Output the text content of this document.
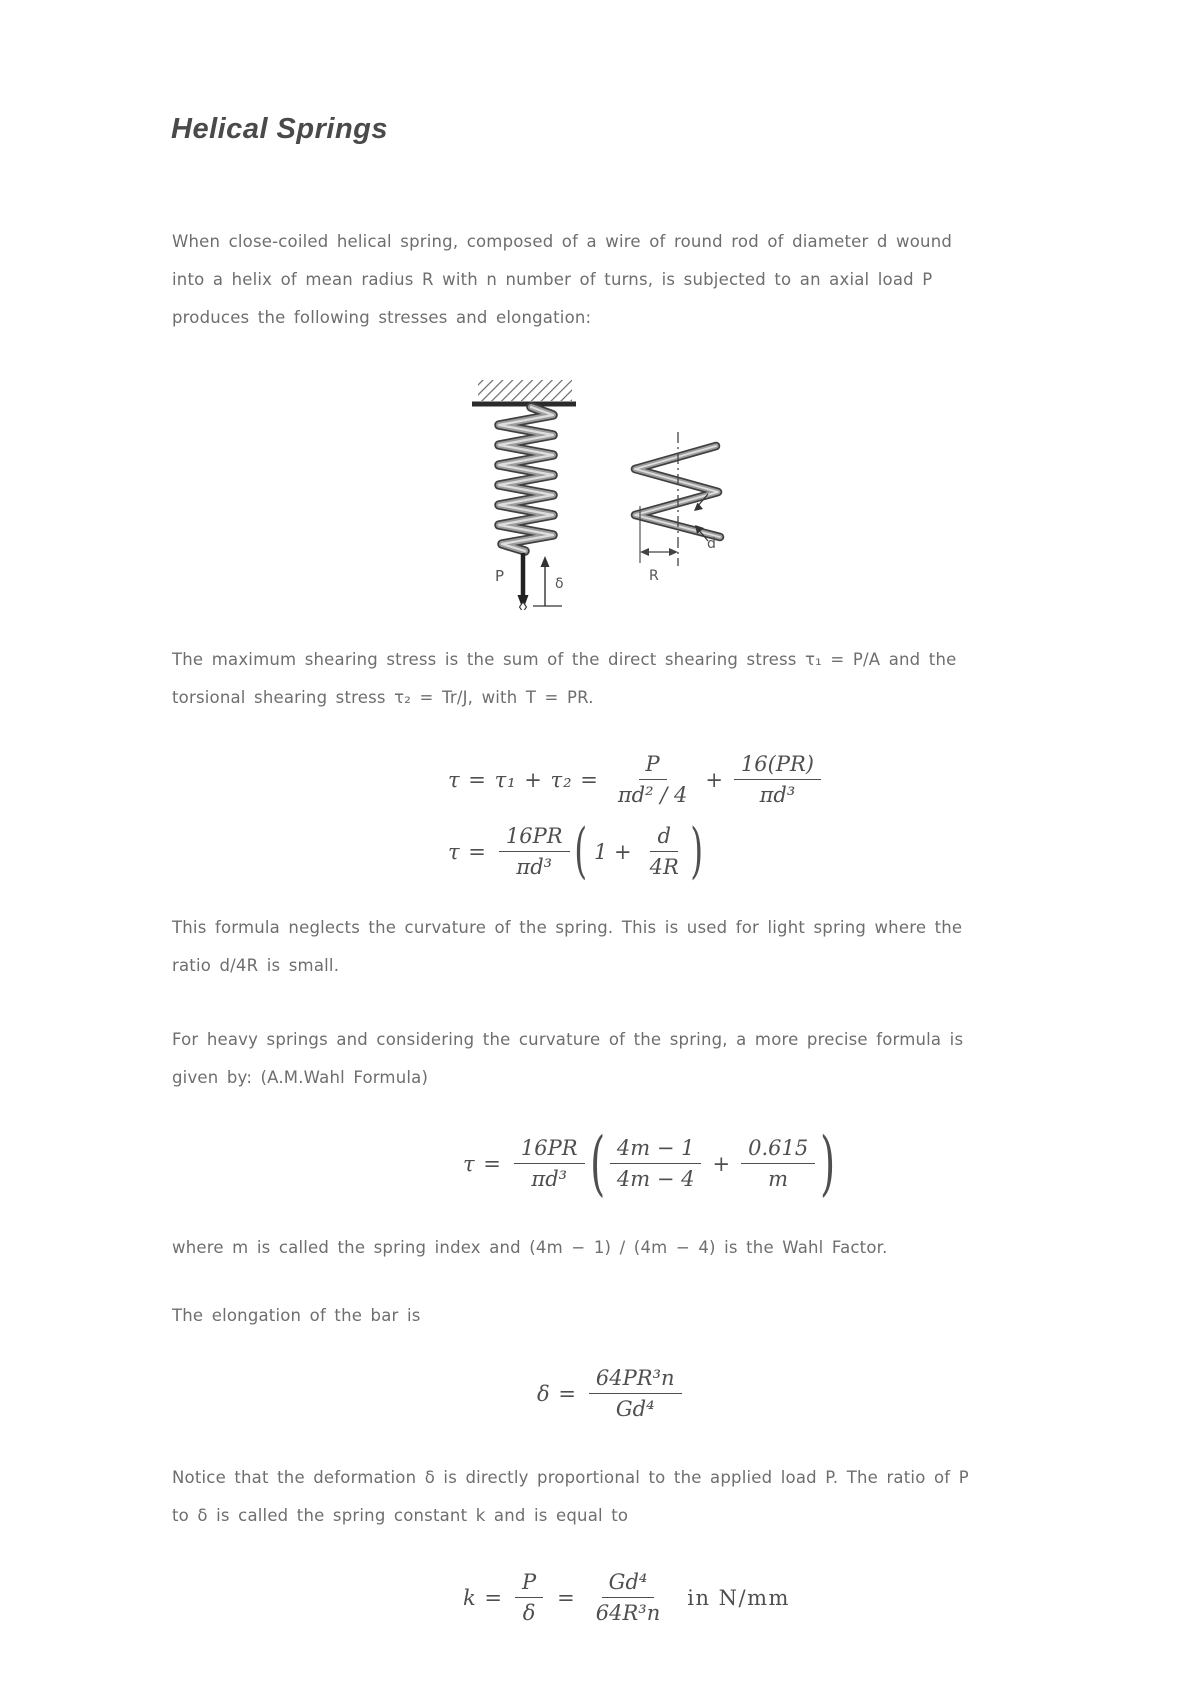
Helical Springs
When close-coiled helical spring, composed of a wire of round rod of diameter d wound
into a helix of mean radius R with n number of turns, is subjected to an axial load P
produces the following stresses and elongation:
P	δ	R
d
The maximum shearing stress is the sum of the direct shearing stress τ₁ = P/A and the
torsional shearing stress τ₂ = Tr/J, with T = PR.
$\tau = \tau_1 + \tau_2 = \frac{P}{\text{πd² / 4}} + \frac{16(PR)}{\text{πd³}}$
$\tau = \frac{16PR}{\text{πd³}}$ ( $1 + \frac{d}{4R}$ )
This formula neglects the curvature of the spring. This is used for light spring where the
ratio d/4R is small.
For heavy springs and considering the curvature of the spring, a more precise formula is
given by: (A.M.Wahl Formula)
$\tau = \frac{16PR}{\text{πd³}}$ ( $\frac{4m - 1}{4m - 4} + \frac{0.615}{m}$ )
where m is called the spring index and (4m − 1) / (4m − 4) is the Wahl Factor.
The elongation of the bar is
$\delta = \frac{\text{64PR³n}}{\text{Gd⁴}}$
Notice that the deformation δ is directly proportional to the applied load P. The ratio of P
to δ is called the spring constant k and is equal to
$k = \frac{P}{\delta} = \frac{\text{Gd⁴}}{\text{64R³n}}$ in N/mm
